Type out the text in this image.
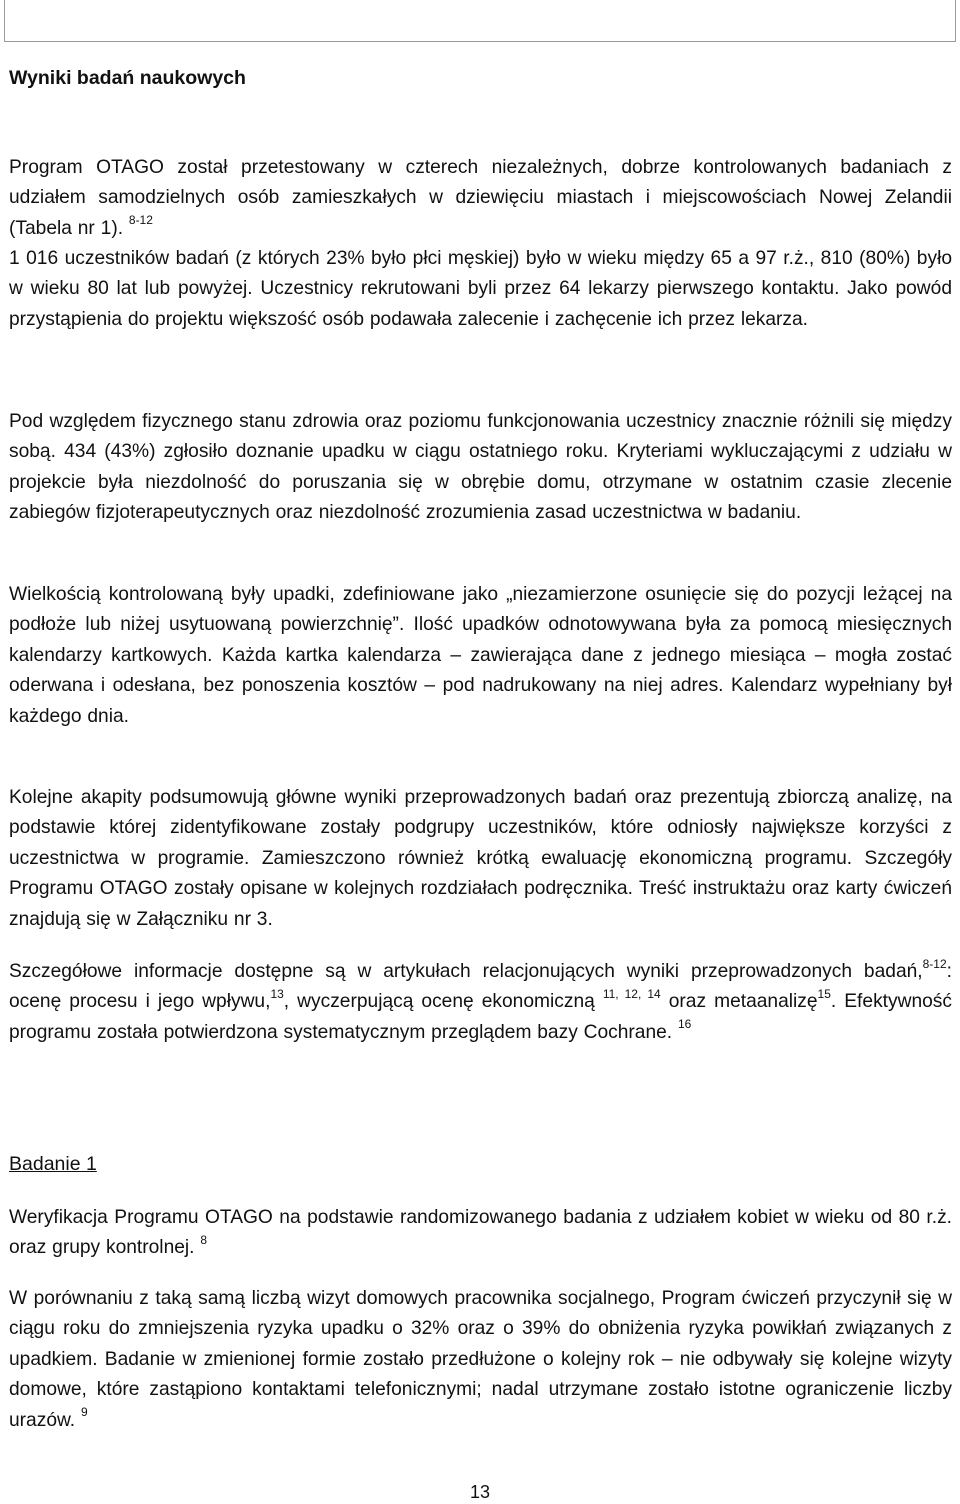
Wyniki badań naukowych

Program OTAGO został przetestowany w czterech niezależnych, dobrze kontrolowanych badaniach z udziałem samodzielnych osób zamieszkałych w dziewięciu miastach i miejscowościach Nowej Zelandii (Tabela nr 1). $^{8-12}$

1 016 uczestników badań (z których 23% było płci męskiej) było w wieku między 65 a 97 r.ż., 810 (80%) było w wieku 80 lat lub powyżej. Uczestnicy rekrutowani byli przez 64 lekarzy pierwszego kontaktu. Jako powód przystąpienia do projektu większość osób podawała zalecenie i zachęcenie ich przez lekarza.

Pod względem fizycznego stanu zdrowia oraz poziomu funkcjonowania uczestnicy znacznie różnili się między sobą. 434 (43%) zgłosiło doznanie upadku w ciągu ostatniego roku. Kryteriami wykluczającymi z udziału w projekcie była niezdolność do poruszania się w obrębie domu, otrzymane w ostatnim czasie zlecenie zabiegów fizjoterapeutycznych oraz niezdolność zrozumienia zasad uczestnictwa w badaniu.

Wielkością kontrolowaną były upadki, zdefiniowane jako „niezamierzone osunięcie się do pozycji leżącej na podłoże lub niżej usytuowaną powierzchnię”. Ilość upadków odnotowywana była za pomocą miesięcznych kalendarzy kartkowych. Każda kartka kalendarza – zawierająca dane z jednego miesiąca – mogła zostać oderwana i odesłana, bez ponoszenia kosztów – pod nadrukowany na niej adres. Kalendarz wypełniany był każdego dnia.

Kolejne akapity podsumowują główne wyniki przeprowadzonych badań oraz prezentują zbiorczą analizę, na podstawie której zidentyfikowane zostały podgrupy uczestników, które odniosły największe korzyści z uczestnictwa w programie. Zamieszczono również krótką ewaluację ekonomiczną programu. Szczegóły Programu OTAGO zostały opisane w kolejnych rozdziałach podręcznika. Treść instruktażu oraz karty ćwiczeń znajdują się w Załączniku nr 3.

Szczegółowe informacje dostępne są w artykułach relacjonujących wyniki przeprowadzonych badań,$^{8-12}$: ocenę procesu i jego wpływu,$^{13}$, wyczerpującą ocenę ekonomiczną $^{11, 12, 14}$ oraz metaanalizę$^{15}$. Efektywność programu została potwierdzona systematycznym przeglądem bazy Cochrane. $^{16}$

Badanie 1

Weryfikacja Programu OTAGO na podstawie randomizowanego badania z udziałem kobiet w wieku od 80 r.ż. oraz grupy kontrolnej. $^8$

W porównaniu z taką samą liczbą wizyt domowych pracownika socjalnego, Program ćwiczeń przyczynił się w ciągu roku do zmniejszenia ryzyka upadku o 32% oraz o 39% do obniżenia ryzyka powikłań związanych z upadkiem. Badanie w zmienionej formie zostało przedłużone o kolejny rok – nie odbywały się kolejne wizyty domowe, które zastąpiono kontaktami telefonicznymi; nadal utrzymane zostało istotne ograniczenie liczby urazów. $^9$

13
